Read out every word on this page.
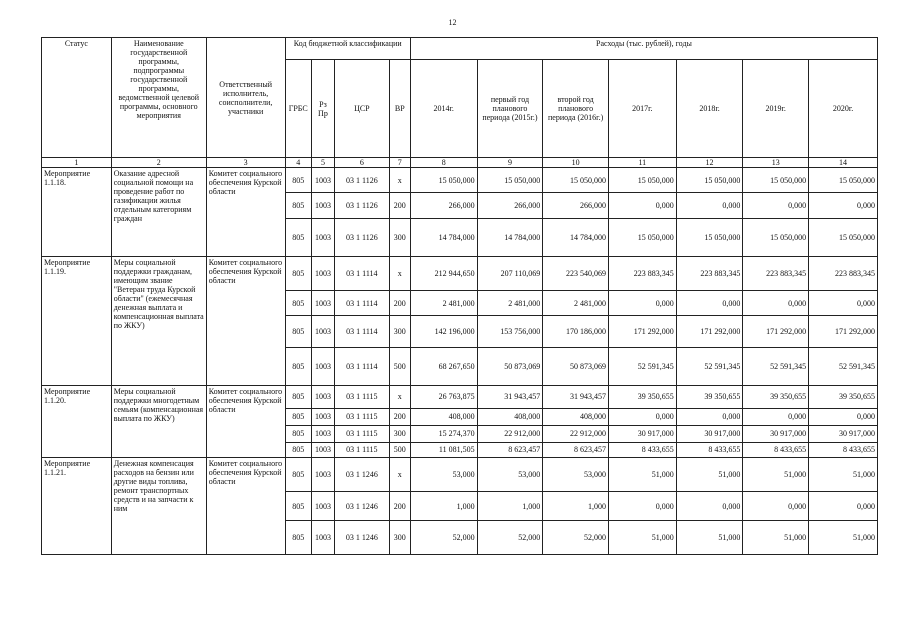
12
Статус	Наименование государственной программы, подпрограммы государственной программы, ведомственной целевой программы, основного мероприятия	Ответственный исполнитель, соисполнители, участники	Код бюджетной классификации				Расходы (тыс. рублей), годы						
			ГРБС	Рз Пр	ЦСР	ВР	2014г.	первый год планового периода (2015г.)	второй год планового периода (2016г.)	2017г.	2018г.	2019г.	2020г.
1	2	3	4	5	6	7	8	9	10	11	12	13	14
Мероприятие 1.1.18.	Оказание адресной социальной помощи на проведение работ по газификации жилья отдельным категориям граждан	Комитет социального обеспечения Курской области	805	1003	03 1 1126	х	15 050,000	15 050,000	15 050,000	15 050,000	15 050,000	15 050,000	15 050,000
			805	1003	03 1 1126	200	266,000	266,000	266,000	0,000	0,000	0,000	0,000
			805	1003	03 1 1126	300	14 784,000	14 784,000	14 784,000	15 050,000	15 050,000	15 050,000	15 050,000
Мероприятие 1.1.19.	Меры социальной поддержки гражданам, имеющим звание "Ветеран труда Курской области" (ежемесячная денежная выплата и компенсационная выплата по ЖКУ)	Комитет социального обеспечения Курской области	805	1003	03 1 1114	х	212 944,650	207 110,069	223 540,069	223 883,345	223 883,345	223 883,345	223 883,345
			805	1003	03 1 1114	200	2 481,000	2 481,000	2 481,000	0,000	0,000	0,000	0,000
			805	1003	03 1 1114	300	142 196,000	153 756,000	170 186,000	171 292,000	171 292,000	171 292,000	171 292,000
			805	1003	03 1 1114	500	68 267,650	50 873,069	50 873,069	52 591,345	52 591,345	52 591,345	52 591,345
Мероприятие 1.1.20.	Меры социальной поддержки многодетным семьям (компенсационная выплата по ЖКУ)	Комитет социального обеспечения Курской области	805	1003	03 1 1115	х	26 763,875	31 943,457	31 943,457	39 350,655	39 350,655	39 350,655	39 350,655
			805	1003	03 1 1115	200	408,000	408,000	408,000	0,000	0,000	0,000	0,000
			805	1003	03 1 1115	300	15 274,370	22 912,000	22 912,000	30 917,000	30 917,000	30 917,000	30 917,000
			805	1003	03 1 1115	500	11 081,505	8 623,457	8 623,457	8 433,655	8 433,655	8 433,655	8 433,655
Мероприятие 1.1.21.	Денежная компенсация расходов на бензин или другие виды топлива, ремонт транспортных средств и на запчасти к ним	Комитет социального обеспечения Курской области	805	1003	03 1 1246	х	53,000	53,000	53,000	51,000	51,000	51,000	51,000
			805	1003	03 1 1246	200	1,000	1,000	1,000	0,000	0,000	0,000	0,000
			805	1003	03 1 1246	300	52,000	52,000	52,000	51,000	51,000	51,000	51,000
